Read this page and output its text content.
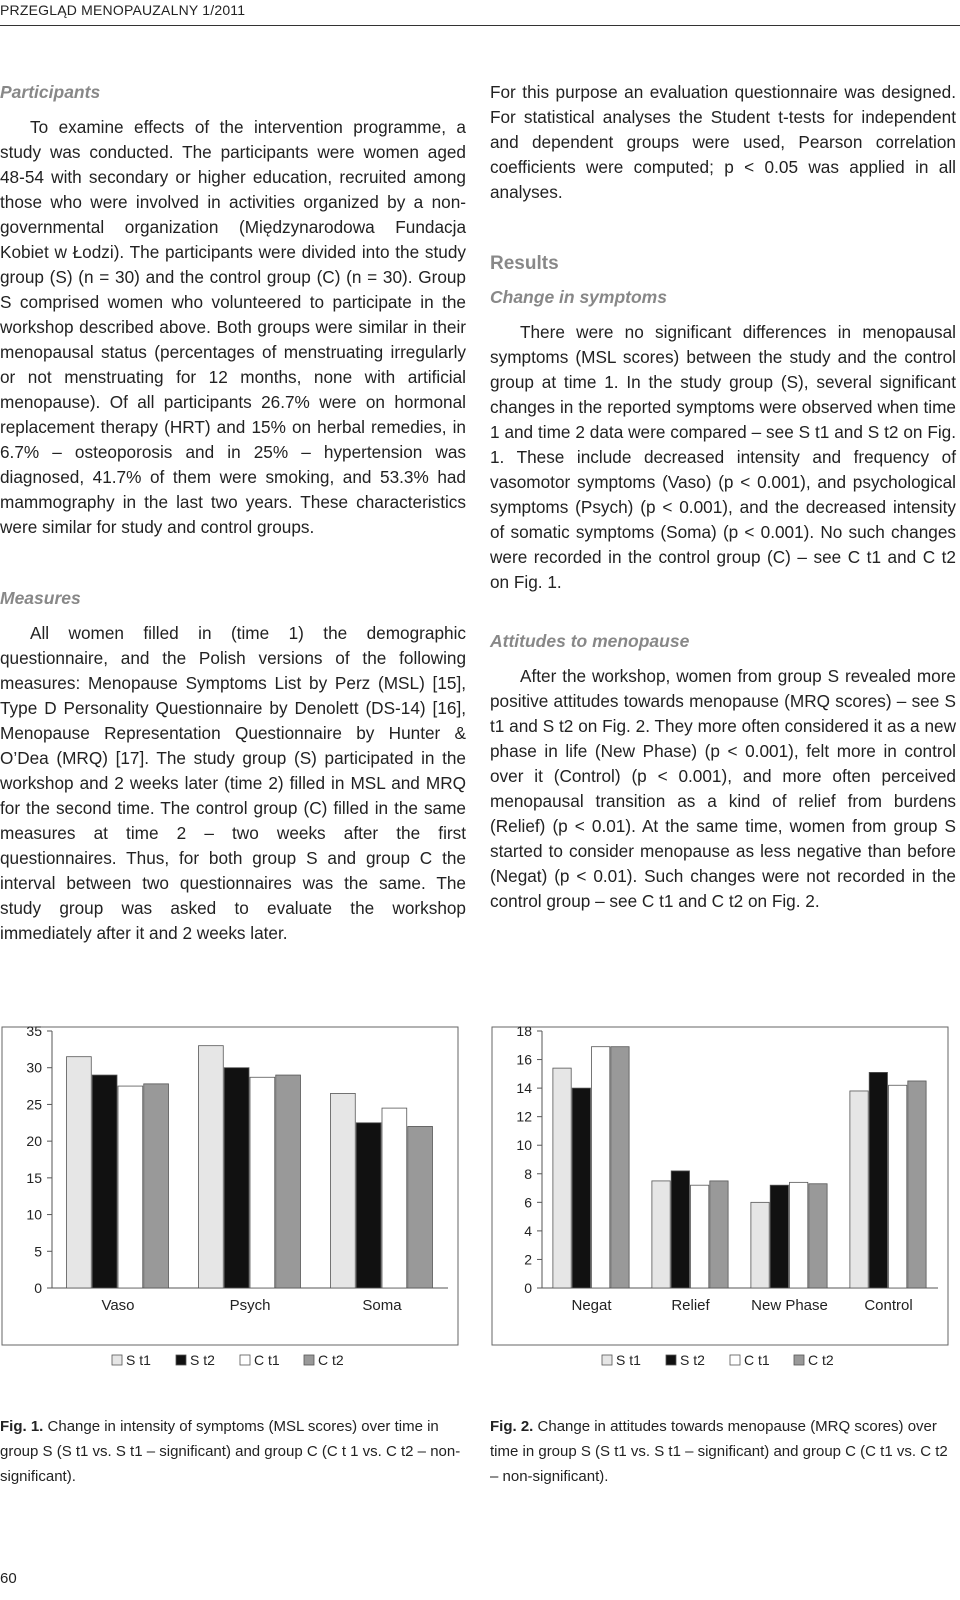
PRZEGLĄD MENOPAUZALNY 1/2011
Participants

To examine effects of the intervention programme, a study was conducted. The participants were women aged 48-54 with secondary or higher education, recruited among those who were involved in activities organized by a non-governmental organization (Międzynarodowa Fundacja Kobiet w Łodzi). The participants were divided into the study group (S) (n = 30) and the control group (C) (n = 30). Group S comprised women who volunteered to participate in the workshop described above. Both groups were similar in their menopausal status (percentages of menstruating irregularly or not menstruating for 12 months, none with artificial menopause). Of all participants 26.7% were on hormonal replacement therapy (HRT) and 15% on herbal remedies, in 6.7% – osteoporosis and in 25% – hypertension was diagnosed, 41.7% of them were smoking, and 53.3% had mammography in the last two years. These characteristics were similar for study and control groups.

Measures

All women filled in (time 1) the demographic questionnaire, and the Polish versions of the following measures: Menopause Symptoms List by Perz (MSL) [15], Type D Personality Questionnaire by Denolett (DS-14) [16], Menopause Representation Questionnaire by Hunter & O’Dea (MRQ) [17]. The study group (S) participated in the workshop and 2 weeks later (time 2) filled in MSL and MRQ for the second time. The control group (C) filled in the same measures at time 2 – two weeks after the first questionnaires. Thus, for both group S and group C the interval between two questionnaires was the same. The study group was asked to evaluate the workshop immediately after it and 2 weeks later.

For this purpose an evaluation questionnaire was designed. For statistical analyses the Student t-tests for independent and dependent groups were used, Pearson correlation coefficients were computed; p < 0.05 was applied in all analyses.

Results
Change in symptoms

There were no significant differences in menopausal symptoms (MSL scores) between the study and the control group at time 1. In the study group (S), several significant changes in the reported symptoms were observed when time 1 and time 2 data were compared – see S t1 and S t2 on Fig. 1. These include decreased intensity and frequency of vasomotor symptoms (Vaso) (p < 0.001), and psychological symptoms (Psych) (p < 0.001), and the decreased intensity of somatic symptoms (Soma) (p < 0.001). No such changes were recorded in the control group (C) – see C t1 and C t2 on Fig. 1.

Attitudes to menopause

After the workshop, women from group S revealed more positive attitudes towards menopause (MRQ scores) – see S t1 and S t2 on Fig. 2. They more often considered it as a new phase in life (New Phase) (p < 0.001), felt more in control over it (Control) (p < 0.001), and more often perceived menopausal transition as a kind of relief from burdens (Relief) (p < 0.01). At the same time, women from group S started to consider menopause as less negative than before (Negat) (p < 0.01). Such changes were not recorded in the control group – see C t1 and C t2 on Fig. 2.

0
5
10
15
20
25
30
35
Vaso	Psych	Soma
S t1	S t2	C t1	C t2
0
2
4
6
8
10
12
14
16
18
Negat	Relief	New Phase Control
S t1	S t2	C t1	C t2
Fig. 1. Change in intensity of symptoms (MSL scores) over time in group S (S t1 vs. S t1 – significant) and group C (C t 1 vs. C t2 – non-significant).
Fig. 2. Change in attitudes towards menopause (MRQ scores) over time in group S (S t1 vs. S t1 – significant) and group C (C t1 vs. C t2 – non-significant).
60
